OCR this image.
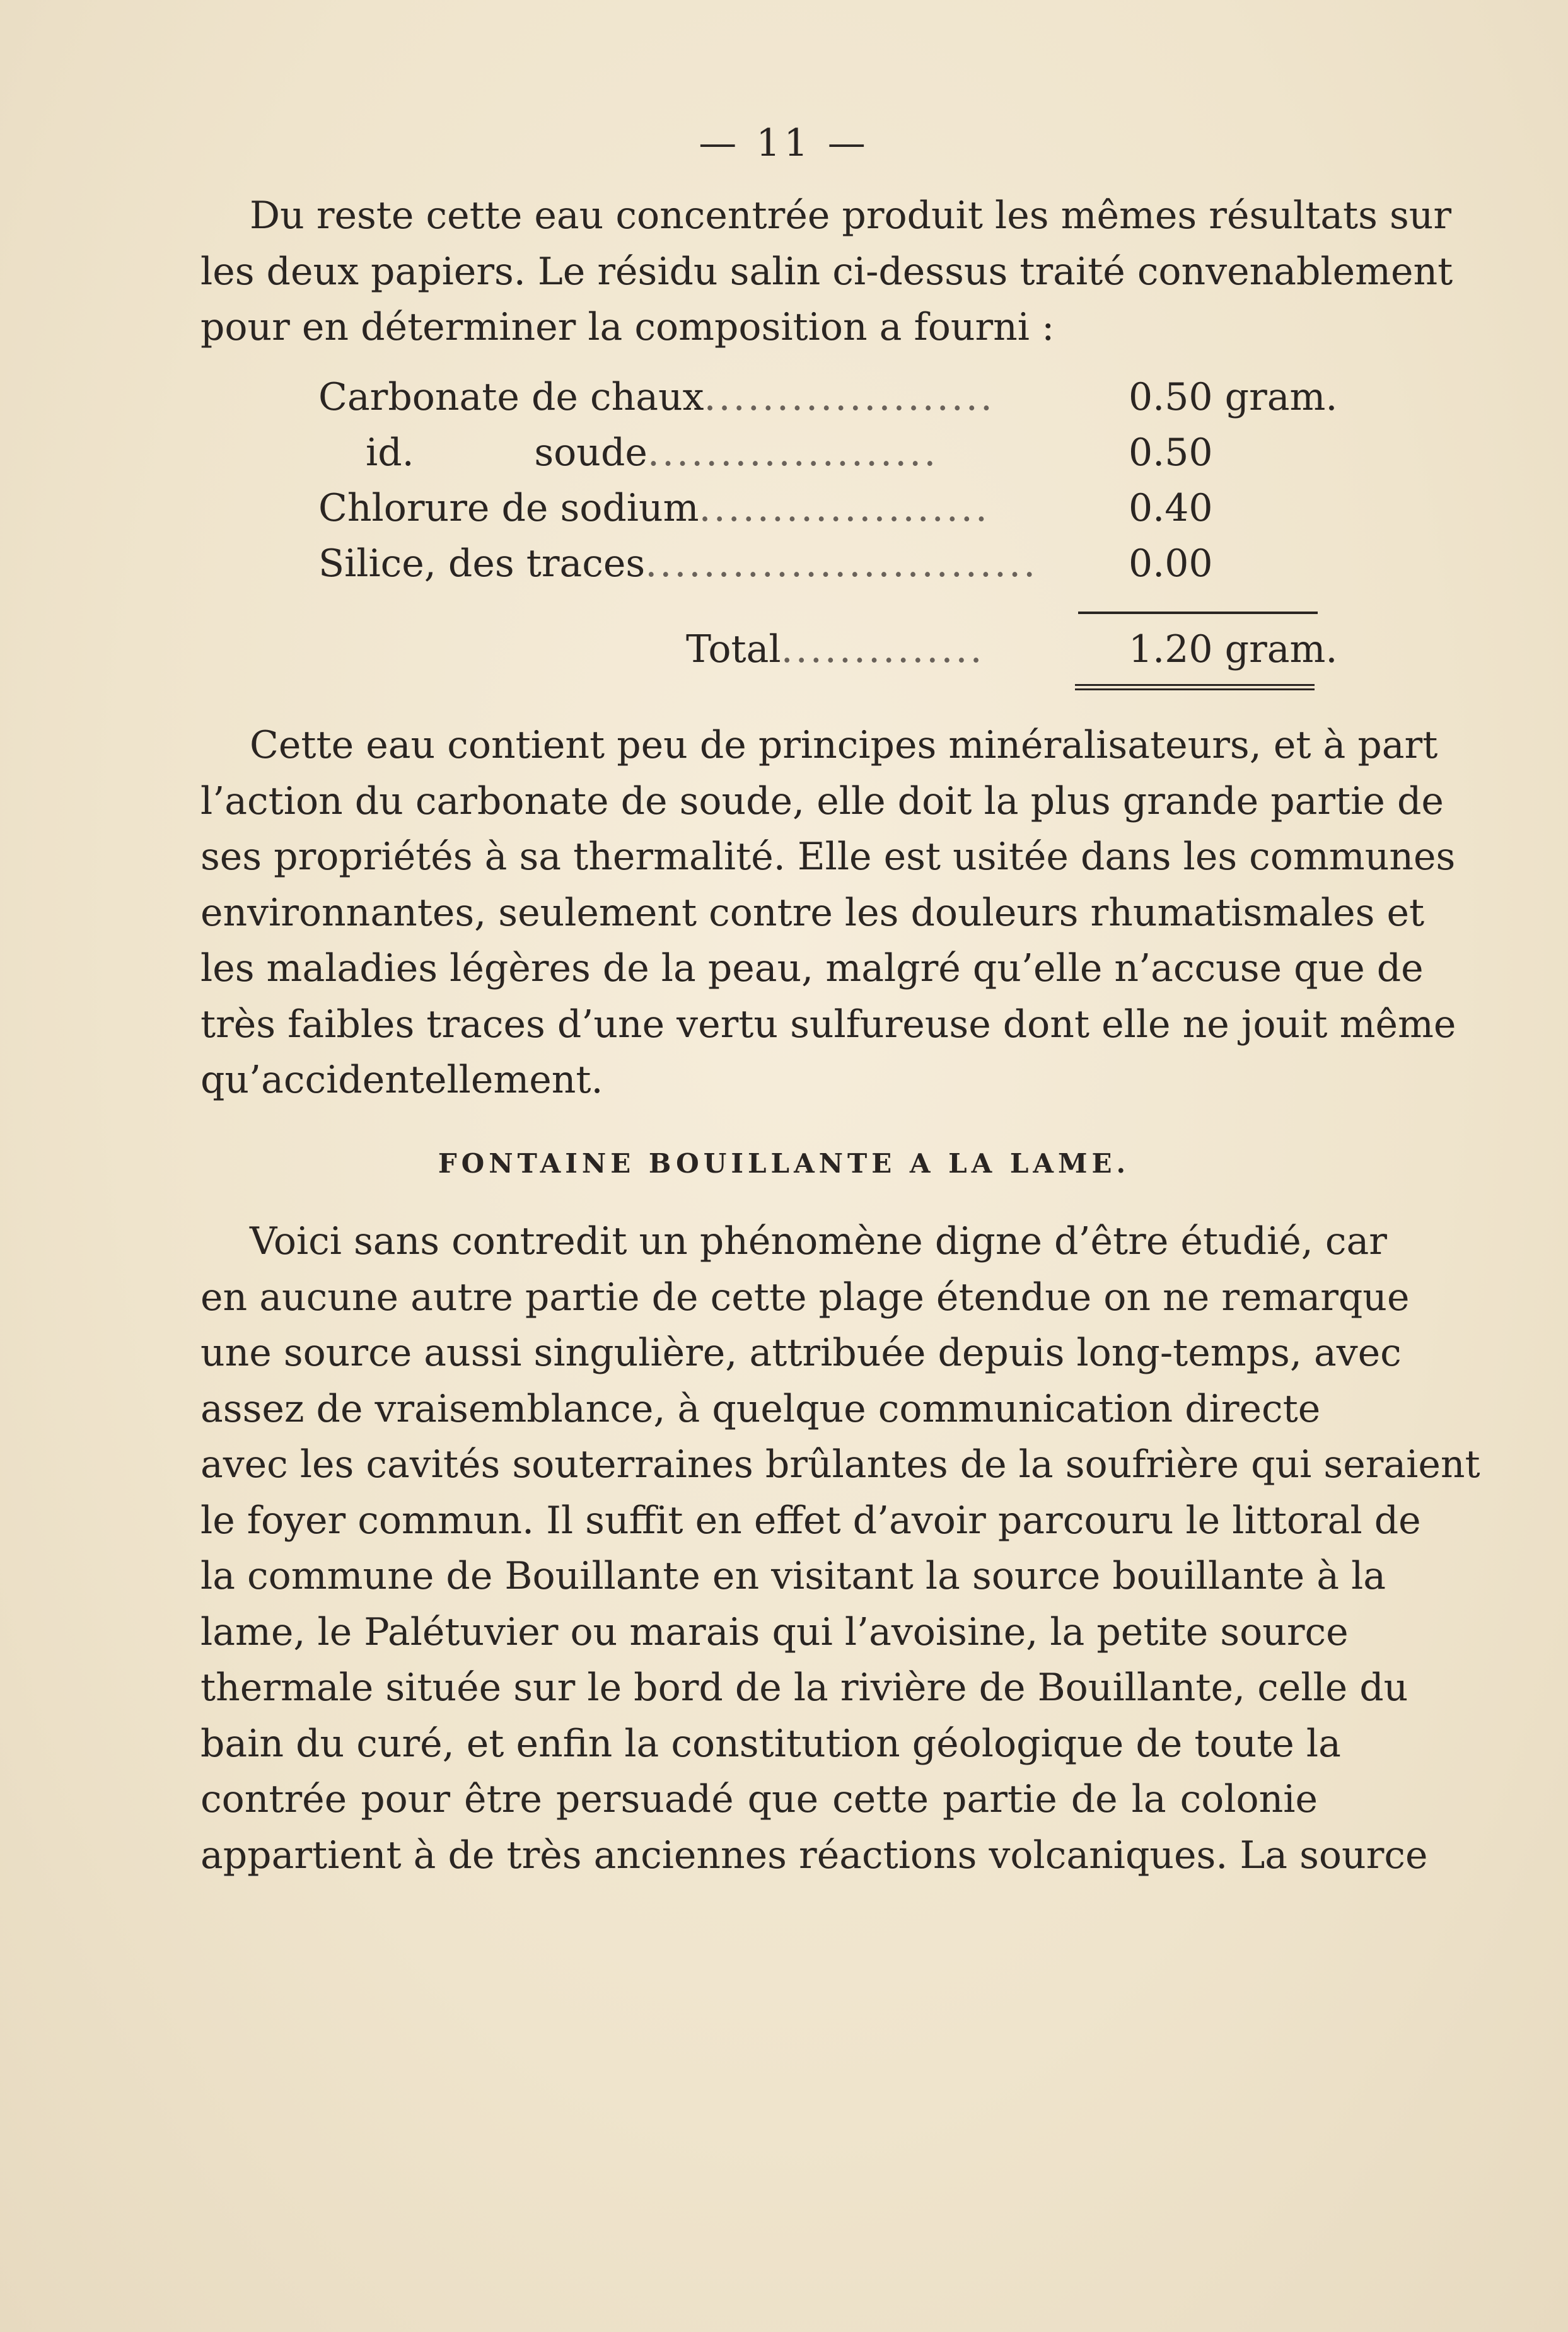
— 11 —

Du reste cette eau concentrée produit les mêmes résultats sur
les deux papiers. Le résidu salin ci-dessus traité convenablement
pour en déterminer la composition a fourni :

Carbonate de chaux....................	0.50 gram.
id.          soude....................	0.50
Chlorure de sodium....................	0.40
Silice, des traces........................... 0.00
Total..............	1.20 gram.

Cette eau contient peu de principes minéralisateurs, et à part
l’action du carbonate de soude, elle doit la plus grande partie de
ses propriétés à sa thermalité. Elle est usitée dans les communes
environnantes, seulement contre les douleurs rhumatismales et
les maladies légères de la peau, malgré qu’elle n’accuse que de
très faibles traces d’une vertu sulfureuse dont elle ne jouit même
qu’accidentellement.

FONTAINE BOUILLANTE A LA LAME.

Voici sans contredit un phénomène digne d’être étudié, car
en aucune autre partie de cette plage étendue on ne remarque
une source aussi singulière, attribuée depuis long-temps, avec
assez de vraisemblance, à quelque communication directe
avec les cavités souterraines brûlantes de la soufrière qui seraient
le foyer commun. Il suffit en effet d’avoir parcouru le littoral de
la commune de Bouillante en visitant la source bouillante à la
lame, le Palétuvier ou marais qui l’avoisine, la petite source
thermale située sur le bord de la rivière de Bouillante, celle du
bain du curé, et enfin la constitution géologique de toute la
contrée pour être persuadé que cette partie de la colonie
appartient à de très anciennes réactions volcaniques. La source
